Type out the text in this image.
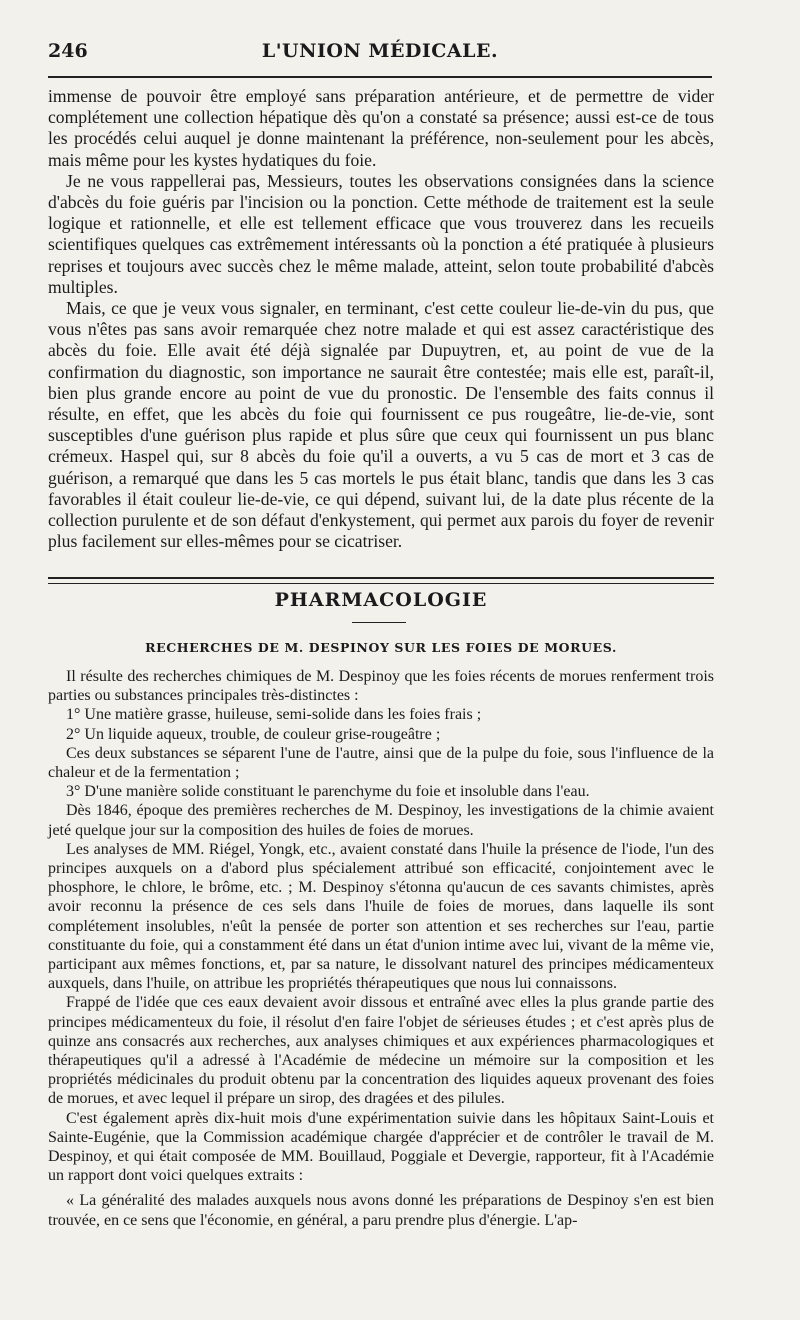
246	L'UNION MÉDICALE.

immense de pouvoir être employé sans préparation antérieure, et de permettre de vider complétement une collection hépatique dès qu'on a constaté sa présence; aussi est-ce de tous les procédés celui auquel je donne maintenant la préférence, non-seulement pour les abcès, mais même pour les kystes hydatiques du foie.

Je ne vous rappellerai pas, Messieurs, toutes les observations consignées dans la science d'abcès du foie guéris par l'incision ou la ponction. Cette méthode de traitement est la seule logique et rationnelle, et elle est tellement efficace que vous trouverez dans les recueils scientifiques quelques cas extrêmement intéressants où la ponction a été pratiquée à plusieurs reprises et toujours avec succès chez le même malade, atteint, selon toute probabilité d'abcès multiples.

Mais, ce que je veux vous signaler, en terminant, c'est cette couleur lie-de-vin du pus, que vous n'êtes pas sans avoir remarquée chez notre malade et qui est assez caractéristique des abcès du foie. Elle avait été déjà signalée par Dupuytren, et, au point de vue de la confirmation du diagnostic, son importance ne saurait être contestée; mais elle est, paraît-il, bien plus grande encore au point de vue du pronostic. De l'ensemble des faits connus il résulte, en effet, que les abcès du foie qui fournissent ce pus rougeâtre, lie-de-vie, sont susceptibles d'une guérison plus rapide et plus sûre que ceux qui fournissent un pus blanc crémeux. Haspel qui, sur 8 abcès du foie qu'il a ouverts, a vu 5 cas de mort et 3 cas de guérison, a remarqué que dans les 5 cas mortels le pus était blanc, tandis que dans les 3 cas favorables il était couleur lie-de-vie, ce qui dépend, suivant lui, de la date plus récente de la collection purulente et de son défaut d'enkystement, qui permet aux parois du foyer de revenir plus facilement sur elles-mêmes pour se cicatriser.

PHARMACOLOGIE
RECHERCHES DE M. DESPINOY SUR LES FOIES DE MORUES.

Il résulte des recherches chimiques de M. Despinoy que les foies récents de morues renferment trois parties ou substances principales très-distinctes :

1° Une matière grasse, huileuse, semi-solide dans les foies frais ;

2° Un liquide aqueux, trouble, de couleur grise-rougeâtre ;

Ces deux substances se séparent l'une de l'autre, ainsi que de la pulpe du foie, sous l'influence de la chaleur et de la fermentation ;

3° D'une manière solide constituant le parenchyme du foie et insoluble dans l'eau.

Dès 1846, époque des premières recherches de M. Despinoy, les investigations de la chimie avaient jeté quelque jour sur la composition des huiles de foies de morues.

Les analyses de MM. Riégel, Yongk, etc., avaient constaté dans l'huile la présence de l'iode, l'un des principes auxquels on a d'abord plus spécialement attribué son efficacité, conjointement avec le phosphore, le chlore, le brôme, etc. ; M. Despinoy s'étonna qu'aucun de ces savants chimistes, après avoir reconnu la présence de ces sels dans l'huile de foies de morues, dans laquelle ils sont complétement insolubles, n'eût la pensée de porter son attention et ses recherches sur l'eau, partie constituante du foie, qui a constamment été dans un état d'union intime avec lui, vivant de la même vie, participant aux mêmes fonctions, et, par sa nature, le dissolvant naturel des principes médicamenteux auxquels, dans l'huile, on attribue les propriétés thérapeutiques que nous lui connaissons.

Frappé de l'idée que ces eaux devaient avoir dissous et entraîné avec elles la plus grande partie des principes médicamenteux du foie, il résolut d'en faire l'objet de sérieuses études ; et c'est après plus de quinze ans consacrés aux recherches, aux analyses chimiques et aux expériences pharmacologiques et thérapeutiques qu'il a adressé à l'Académie de médecine un mémoire sur la composition et les propriétés médicinales du produit obtenu par la concentration des liquides aqueux provenant des foies de morues, et avec lequel il prépare un sirop, des dragées et des pilules.

C'est également après dix-huit mois d'une expérimentation suivie dans les hôpitaux Saint-Louis et Sainte-Eugénie, que la Commission académique chargée d'apprécier et de contrôler le travail de M. Despinoy, et qui était composée de MM. Bouillaud, Poggiale et Devergie, rapporteur, fit à l'Académie un rapport dont voici quelques extraits :

« La généralité des malades auxquels nous avons donné les préparations de Despinoy s'en est bien trouvée, en ce sens que l'économie, en général, a paru prendre plus d'énergie. L'ap-
